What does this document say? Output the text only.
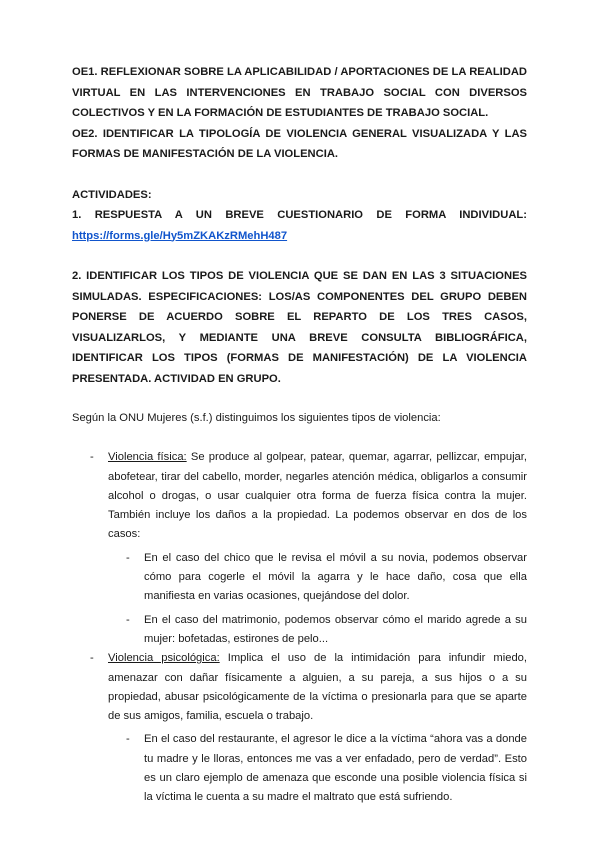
OE1. REFLEXIONAR SOBRE LA APLICABILIDAD / APORTACIONES DE LA REALIDAD VIRTUAL EN LAS INTERVENCIONES EN TRABAJO SOCIAL CON DIVERSOS COLECTIVOS Y EN LA FORMACIÓN DE ESTUDIANTES DE TRABAJO SOCIAL.

OE2. IDENTIFICAR LA TIPOLOGÍA DE VIOLENCIA GENERAL VISUALIZADA Y LAS FORMAS DE MANIFESTACIÓN DE LA VIOLENCIA.

ACTIVIDADES:

1. RESPUESTA A UN BREVE CUESTIONARIO DE FORMA INDIVIDUAL:

https://forms.gle/Hy5mZKAKzRMehH487

2. IDENTIFICAR LOS TIPOS DE VIOLENCIA QUE SE DAN EN LAS 3 SITUACIONES SIMULADAS. ESPECIFICACIONES: LOS/AS COMPONENTES DEL GRUPO DEBEN PONERSE DE ACUERDO SOBRE EL REPARTO DE LOS TRES CASOS, VISUALIZARLOS, Y MEDIANTE UNA BREVE CONSULTA BIBLIOGRÁFICA, IDENTIFICAR LOS TIPOS (FORMAS DE MANIFESTACIÓN) DE LA VIOLENCIA PRESENTADA. ACTIVIDAD EN GRUPO.

Según la ONU Mujeres (s.f.) distinguimos los siguientes tipos de violencia:

- Violencia física: Se produce al golpear, patear, quemar, agarrar, pellizcar, empujar, abofetear, tirar del cabello, morder, negarles atención médica, obligarlos a consumir alcohol o drogas, o usar cualquier otra forma de fuerza física contra la mujer. También incluye los daños a la propiedad. La podemos observar en dos de los casos:
- En el caso del chico que le revisa el móvil a su novia, podemos observar cómo para cogerle el móvil la agarra y le hace daño, cosa que ella manifiesta en varias ocasiones, quejándose del dolor.
- En el caso del matrimonio, podemos observar cómo el marido agrede a su mujer: bofetadas, estirones de pelo...
- Violencia psicológica: Implica el uso de la intimidación para infundir miedo, amenazar con dañar físicamente a alguien, a su pareja, a sus hijos o a su propiedad, abusar psicológicamente de la víctima o presionarla para que se aparte de sus amigos, familia, escuela o trabajo.
- En el caso del restaurante, el agresor le dice a la víctima “ahora vas a donde tu madre y le lloras, entonces me vas a ver enfadado, pero de verdad”. Esto es un claro ejemplo de amenaza que esconde una posible violencia física si la víctima le cuenta a su madre el maltrato que está sufriendo.
